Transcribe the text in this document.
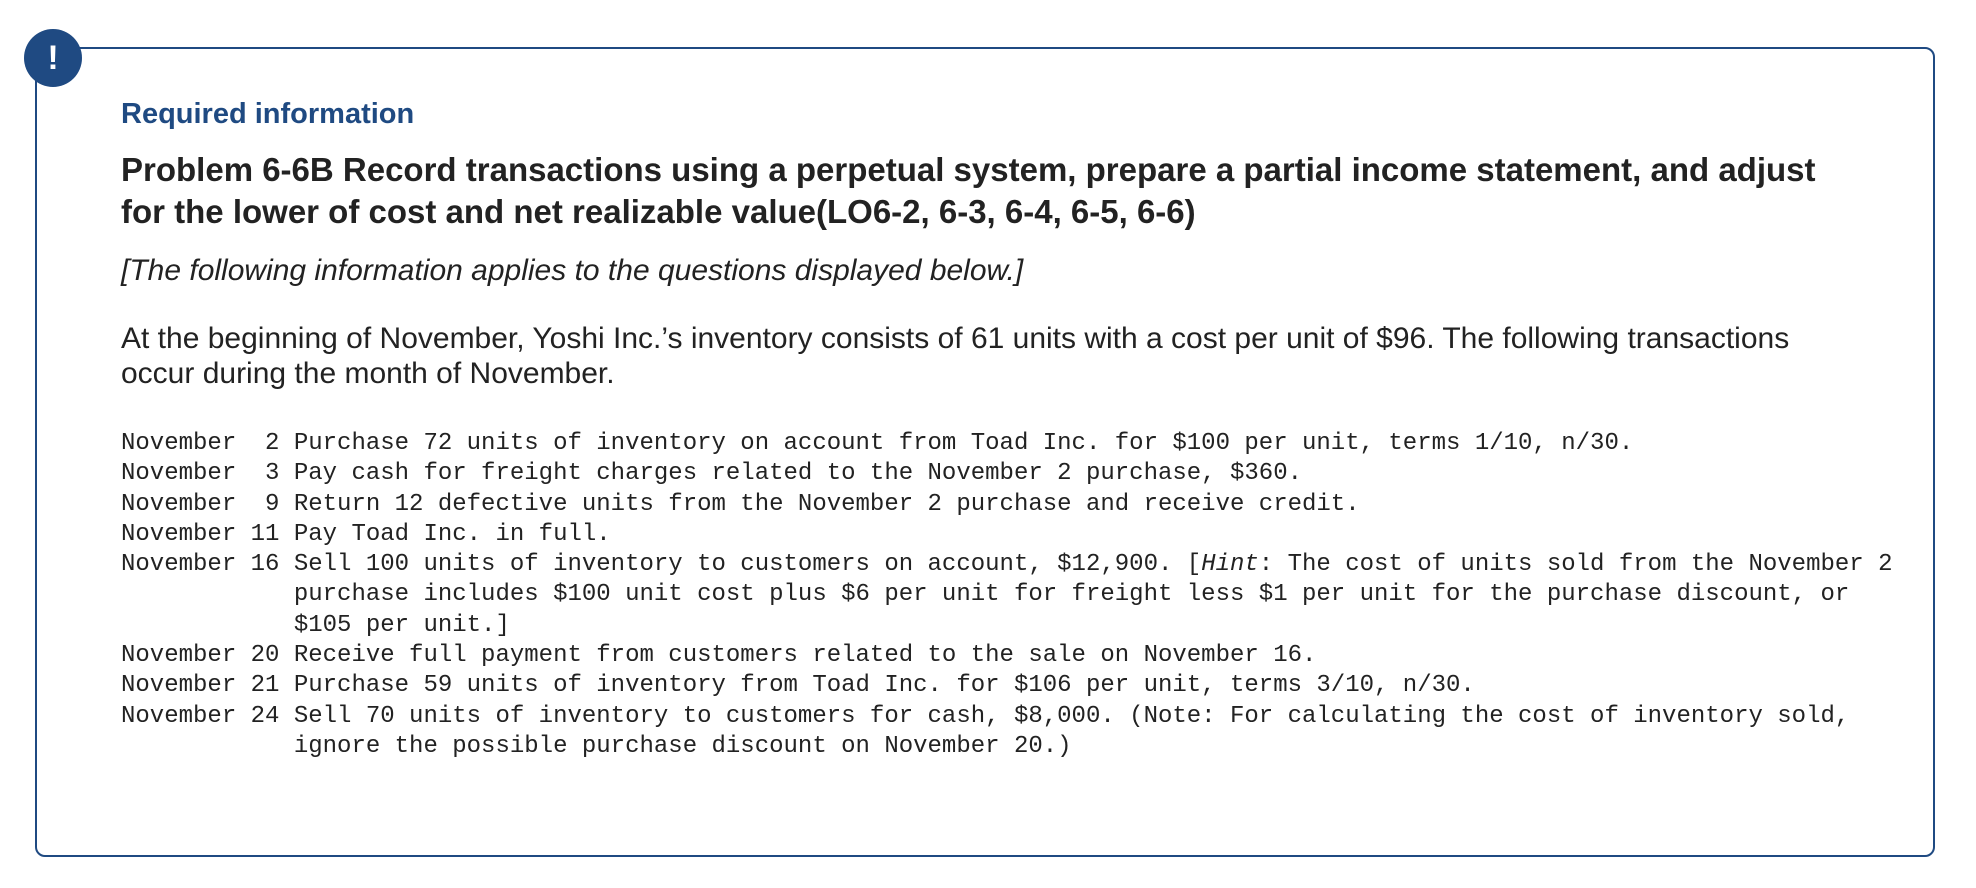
!
Required information
Problem 6-6B Record transactions using a perpetual system, prepare a partial income statement, and adjust for the lower of cost and net realizable value(LO6-2, 6-3, 6-4, 6-5, 6-6)
[The following information applies to the questions displayed below.]
At the beginning of November, Yoshi Inc.’s inventory consists of 61 units with a cost per unit of $96. The following transactions occur during the month of November.
November  2 Purchase 72 units of inventory on account from Toad Inc. for $100 per unit, terms 1/10, n/30.
November  3 Pay cash for freight charges related to the November 2 purchase, $360.
November  9 Return 12 defective units from the November 2 purchase and receive credit.
November 11 Pay Toad Inc. in full.
November 16 Sell 100 units of inventory to customers on account, $12,900. [Hint: The cost of units sold from the November 2 purchase includes $100 unit cost plus $6 per unit for freight less $1 per unit for the purchase discount, or $105 per unit.]
November 20 Receive full payment from customers related to the sale on November 16.
November 21 Purchase 59 units of inventory from Toad Inc. for $106 per unit, terms 3/10, n/30.
November 24 Sell 70 units of inventory to customers for cash, $8,000. (Note: For calculating the cost of inventory sold, ignore the possible purchase discount on November 20.)
